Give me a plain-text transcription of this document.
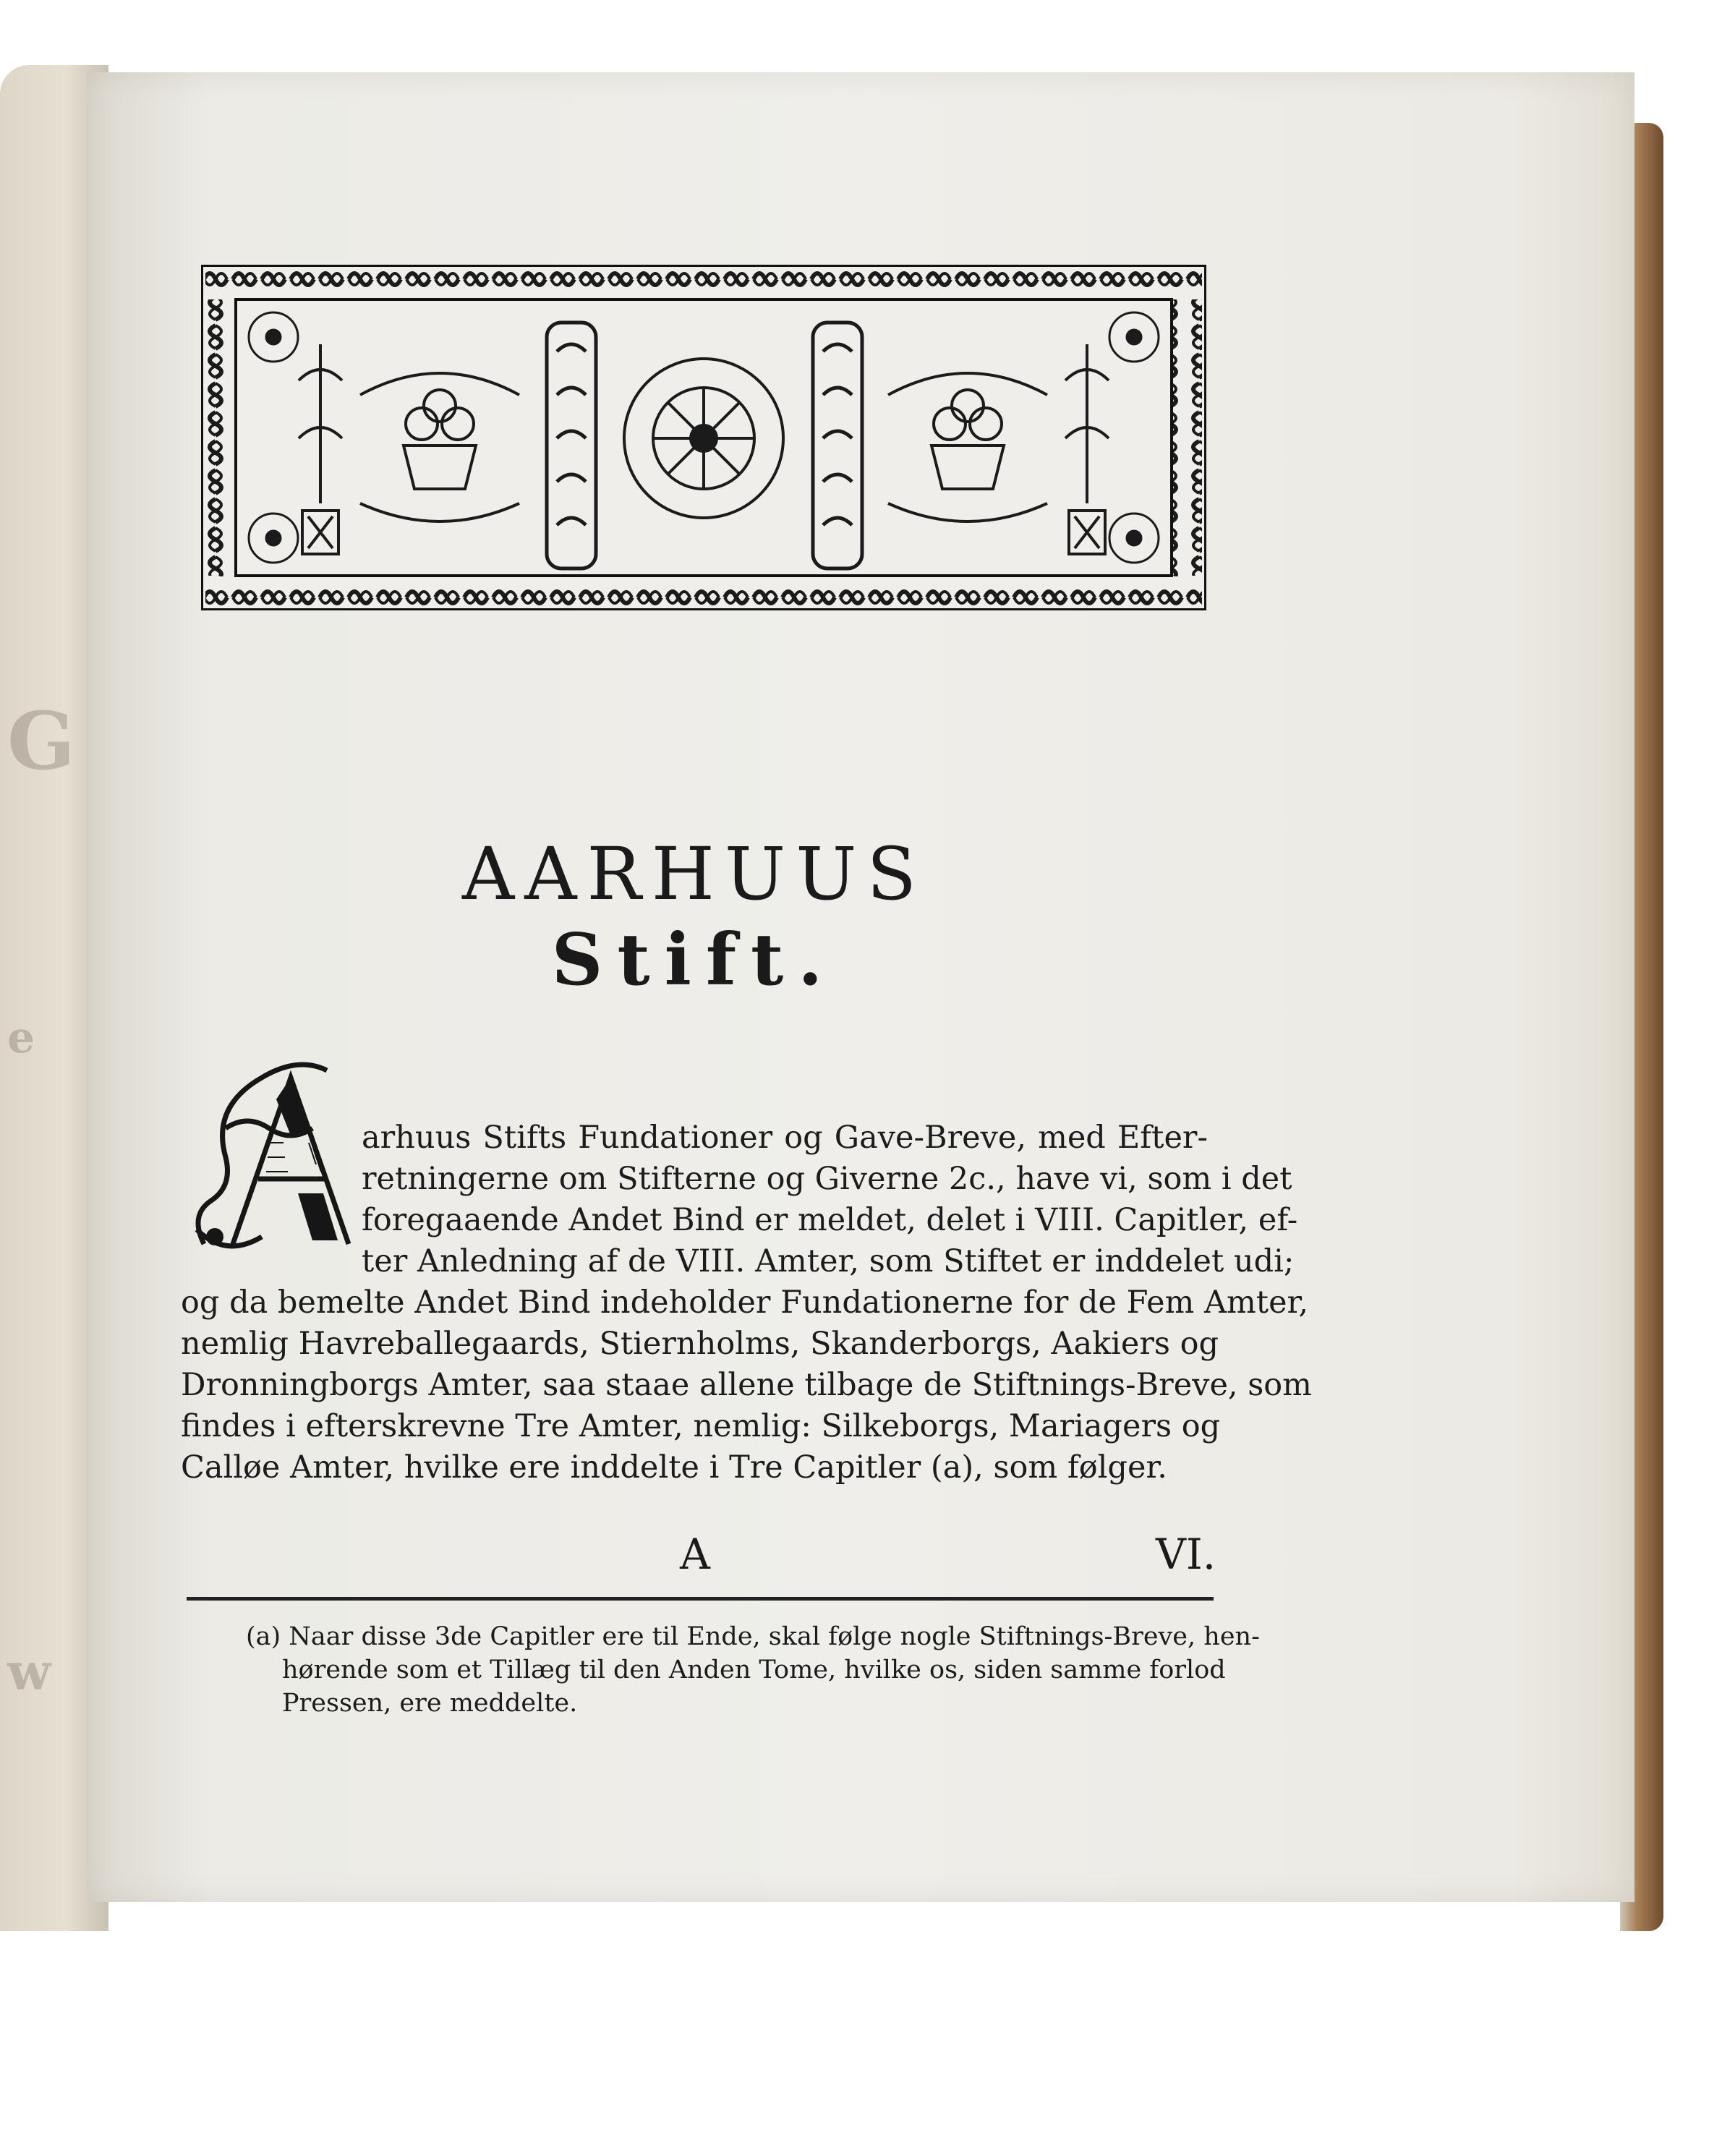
G
e
w
AARHUUS
Stift.
arhuus Stifts Fundationer og Gave-Breve, med Efter-
retningerne om Stifterne og Giverne 2c., have vi, som i det
foregaaende Andet Bind er meldet, delet i VIII. Capitler, ef-
ter Anledning af de VIII. Amter, som Stiftet er inddelet udi;
og da bemelte Andet Bind indeholder Fundationerne for de Fem Amter,
nemlig Havreballegaards, Stiernholms, Skanderborgs, Aakiers og
Dronningborgs Amter, saa staae allene tilbage de Stiftnings-Breve, som
findes i efterskrevne Tre Amter, nemlig: Silkeborgs, Mariagers og
Calløe Amter, hvilke ere inddelte i Tre Capitler (a), som følger.
A	VI.
(a) Naar disse 3de Capitler ere til Ende, skal følge nogle Stiftnings-Breve, hen-
hørende som et Tillæg til den Anden Tome, hvilke os, siden samme forlod
Pressen, ere meddelte.
